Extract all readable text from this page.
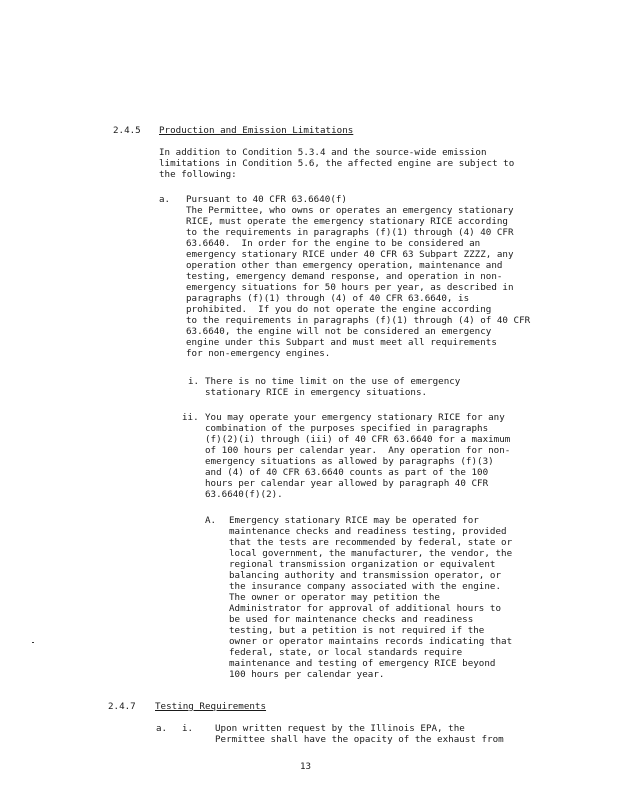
2.4.5 Production and Emission Limitations
In addition to Condition 5.3.4 and the source-wide emission
limitations in Condition 5.6, the affected engine are subject to
the following:
a. Pursuant to 40 CFR 63.6640(f)
The Permittee, who owns or operates an emergency stationary
RICE, must operate the emergency stationary RICE according
to the requirements in paragraphs (f)(1) through (4) 40 CFR
63.6640.  In order for the engine to be considered an
emergency stationary RICE under 40 CFR 63 Subpart ZZZZ, any
operation other than emergency operation, maintenance and
testing, emergency demand response, and operation in non-
emergency situations for 50 hours per year, as described in
paragraphs (f)(1) through (4) of 40 CFR 63.6640, is
prohibited.  If you do not operate the engine according
to the requirements in paragraphs (f)(1) through (4) of 40 CFR
63.6640, the engine will not be considered an emergency
engine under this Subpart and must meet all requirements
for non-emergency engines.
i. There is no time limit on the use of emergency
stationary RICE in emergency situations.
ii. You may operate your emergency stationary RICE for any
combination of the purposes specified in paragraphs
(f)(2)(i) through (iii) of 40 CFR 63.6640 for a maximum
of 100 hours per calendar year.  Any operation for non-
emergency situations as allowed by paragraphs (f)(3)
and (4) of 40 CFR 63.6640 counts as part of the 100
hours per calendar year allowed by paragraph 40 CFR
63.6640(f)(2).
A. Emergency stationary RICE may be operated for
maintenance checks and readiness testing, provided
that the tests are recommended by federal, state or
local government, the manufacturer, the vendor, the
regional transmission organization or equivalent
balancing authority and transmission operator, or
the insurance company associated with the engine.
The owner or operator may petition the
Administrator for approval of additional hours to
be used for maintenance checks and readiness
testing, but a petition is not required if the
owner or operator maintains records indicating that
federal, state, or local standards require
maintenance and testing of emergency RICE beyond
100 hours per calendar year.
2.4.7 Testing Requirements
a. i. Upon written request by the Illinois EPA, the
Permittee shall have the opacity of the exhaust from
13
